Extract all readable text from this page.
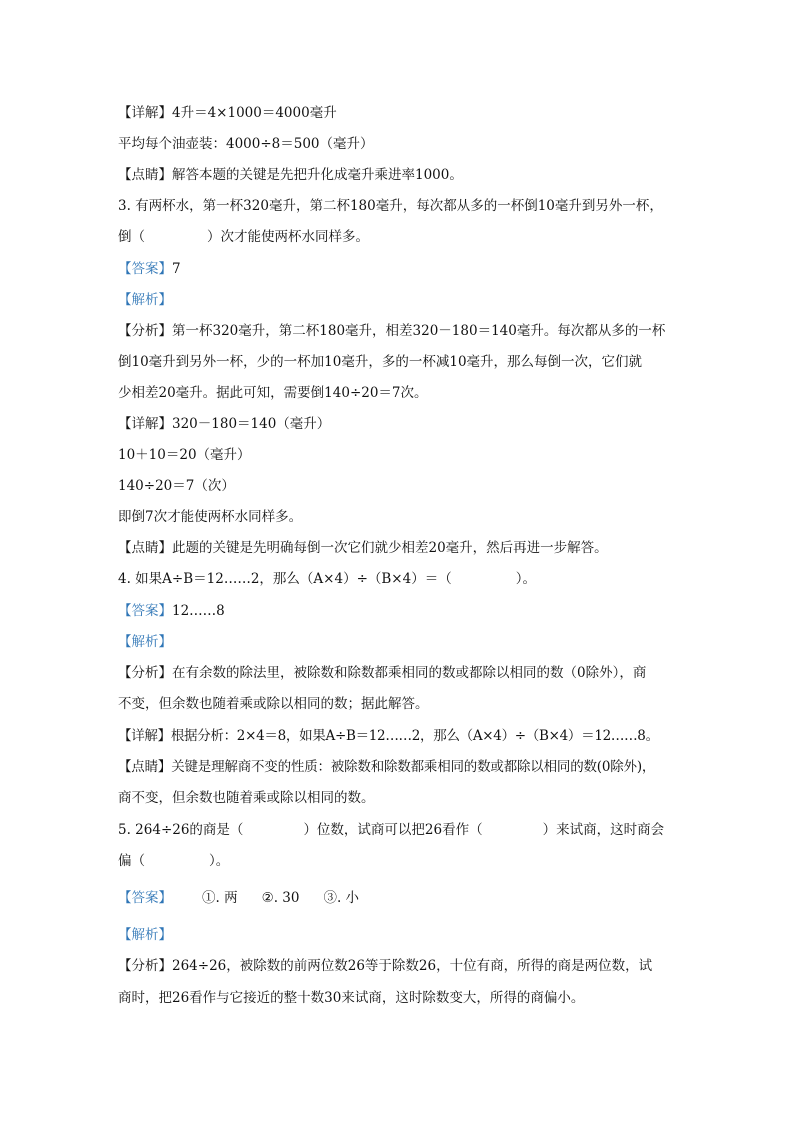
【详解】4升＝4×1000＝4000毫升
平均每个油壶装：4000÷8＝500（毫升）
【点睛】解答本题的关键是先把升化成毫升乘进率1000。
3. 有两杯水，第一杯320毫升，第二杯180毫升，每次都从多的一杯倒10毫升到另外一杯，
倒（	）次才能使两杯水同样多。
【答案】7
【解析】
【分析】第一杯320毫升，第二杯180毫升，相差320－180＝140毫升。每次都从多的一杯
倒10毫升到另外一杯，少的一杯加10毫升，多的一杯减10毫升，那么每倒一次，它们就
少相差20毫升。据此可知，需要倒140÷20＝7次。
【详解】320－180＝140（毫升）
10＋10＝20（毫升）
140÷20＝7（次）
即倒7次才能使两杯水同样多。
【点睛】此题的关键是先明确每倒一次它们就少相差20毫升，然后再进一步解答。
4. 如果A÷B＝12……2，那么（A×4）÷（B×4）＝（	）。
【答案】12……8
【解析】
【分析】在有余数的除法里，被除数和除数都乘相同的数或都除以相同的数（0除外），商
不变，但余数也随着乘或除以相同的数；据此解答。
【详解】根据分析：2×4＝8，如果A÷B＝12……2，那么（A×4）÷（B×4）＝12……8。
【点睛】关键是理解商不变的性质：被除数和除数都乘相同的数或都除以相同的数(0除外)，
商不变，但余数也随着乘或除以相同的数。
5. 264÷26的商是（	）位数，试商可以把26看作（	）来试商，这时商会
偏（	）。
【答案】 ①. 两 ②. 30 ③. 小
【解析】
【分析】264÷26，被除数的前两位数26等于除数26，十位有商，所得的商是两位数，试
商时，把26看作与它接近的整十数30来试商，这时除数变大，所得的商偏小。
